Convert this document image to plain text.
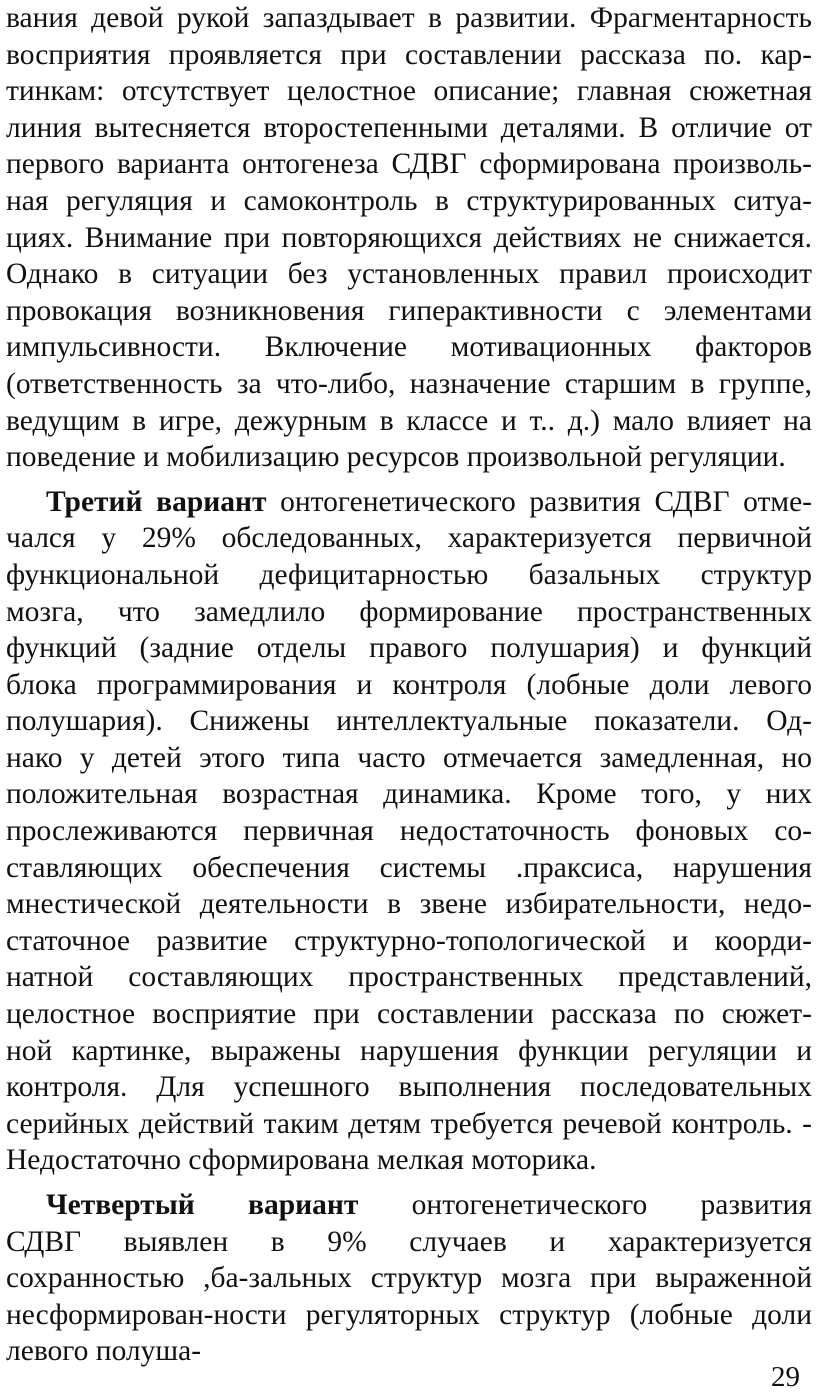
вания девой рукой запаздывает в развитии. Фрагментарность
восприятия проявляется при составлении рассказа по. кар-
тинкам: отсутствует целостное описание; главная сюжетная
линия вытесняется второстепенными деталями. В отличие от
первого варианта онтогенеза СДВГ сформирована произволь-
ная регуляция и самоконтроль в структурированных ситуа-
циях. Внимание при повторяющихся действиях не снижается.
Однако в ситуации без установленных правил происходит
провокация возникновения гиперактивности с элементами
импульсивности. Включение мотивационных факторов
(ответственность за что-либо, назначение старшим в группе,
ведущим в игре, дежурным в классе и т.. д.) мало влияет на
поведение и мобилизацию ресурсов произвольной регуляции.
Третий вариант онтогенетического развития СДВГ отме-
чался у 29% обследованных, характеризуется первичной
функциональной дефицитарностью базальных структур
мозга, что замедлило формирование пространственных
функций (задние отделы правого полушария) и функций
блока программирования и контроля (лобные доли левого
полушария). Снижены интеллектуальные показатели. Од-
нако у детей этого типа часто отмечается замедленная, но
положительная возрастная динамика. Кроме того, у них
прослеживаются первичная недостаточность фоновых со-
ставляющих обеспечения системы .праксиса, нарушения
мнестической деятельности в звене избирательности, недо-
статочное развитие структурно-топологической и коорди-
натной составляющих пространственных представлений,
целостное восприятие при составлении рассказа по сюжет-
ной картинке, выражены нарушения функции регуляции и
контроля. Для успешного выполнения последовательных
серийных действий таким детям требуется речевой контроль. -
Недостаточно сформирована мелкая моторика.
Четвертый вариант онтогенетического развития
СДВГ выявлен в 9% случаев и характеризуется
сохранностью ,ба-зальных структур мозга при выраженной
несформирован-ности регуляторных структур (лобные доли
левого полуша-
29
